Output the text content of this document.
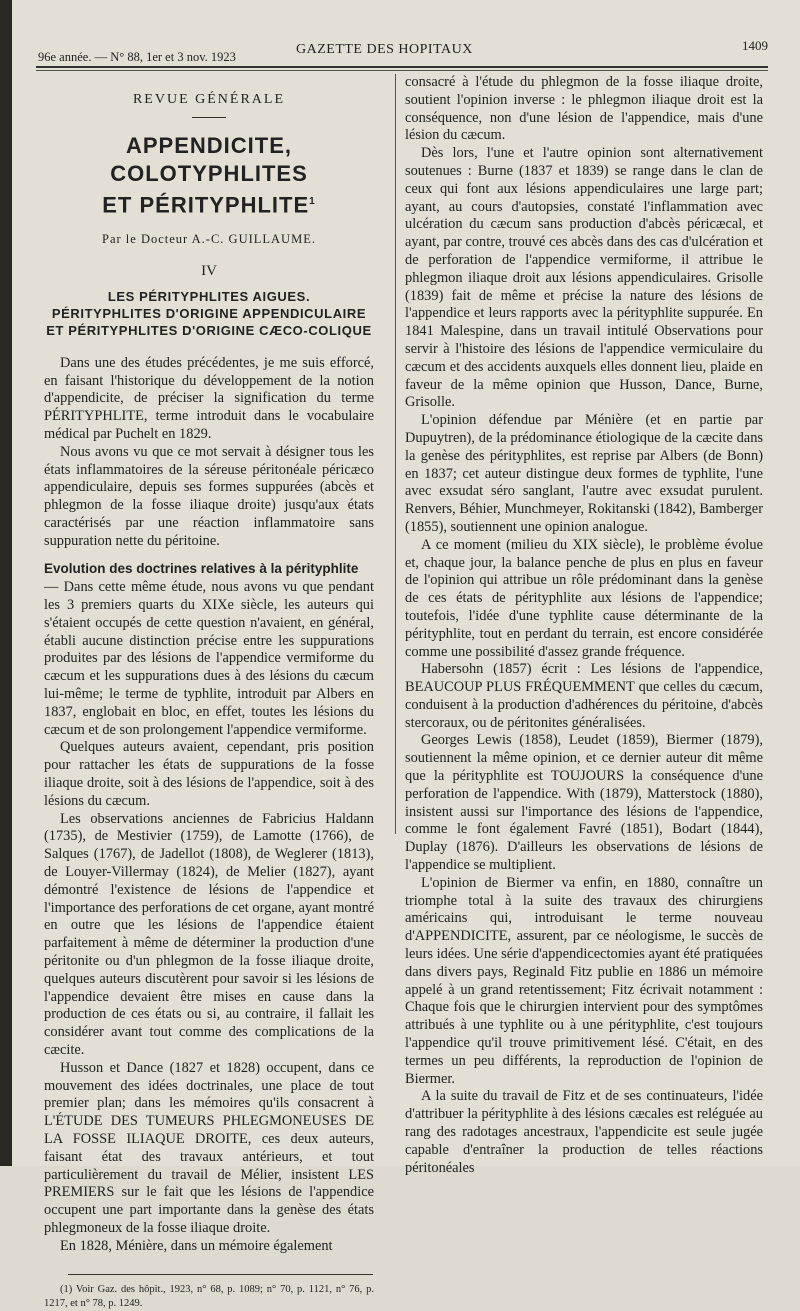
96e année. — N° 88, 1er et 3 nov. 1923	GAZETTE DES HOPITAUX	1409
REVUE GÉNÉRALE
APPENDICITE, COLOTYPHLITES
ET PÉRITYPHLITE$^1$
Par le Docteur A.-C. GUILLAUME.
IV
LES PÉRITYPHLITES AIGUES.
PÉRITYPHLITES D'ORIGINE APPENDICULAIRE
ET PÉRITYPHLITES D'ORIGINE CÆCO-COLIQUE

Dans une des études précédentes, je me suis efforcé, en faisant l'historique du développement de la notion d'appendicite, de préciser la signification du terme PÉRITYPHLITE, terme introduit dans le vocabulaire médical par Puchelt en 1829.

Nous avons vu que ce mot servait à désigner tous les états inflammatoires de la séreuse péritonéale péricæco appendiculaire, depuis ses formes suppurées (abcès et phlegmon de la fosse iliaque droite) jusqu'aux états caractérisés par une réaction inflammatoire sans suppuration nette du péritoine.

Evolution des doctrines relatives à la pérityphlite

— Dans cette même étude, nous avons vu que pendant les 3 premiers quarts du XIXe siècle, les auteurs qui s'étaient occupés de cette question n'avaient, en général, établi aucune distinction précise entre les suppurations produites par des lésions de l'appendice vermiforme du cæcum et les suppurations dues à des lésions du cæcum lui-même; le terme de typhlite, introduit par Albers en 1837, englobait en bloc, en effet, toutes les lésions du cæcum et de son prolongement l'appendice vermiforme.

Quelques auteurs avaient, cependant, pris position pour rattacher les états de suppurations de la fosse iliaque droite, soit à des lésions de l'appendice, soit à des lésions du cæcum.

Les observations anciennes de Fabricius Haldann (1735), de Mestivier (1759), de Lamotte (1766), de Salques (1767), de Jadellot (1808), de Weglerer (1813), de Louyer-Villermay (1824), de Melier (1827), ayant démontré l'existence de lésions de l'appendice et l'importance des perforations de cet organe, ayant montré en outre que les lésions de l'appendice étaient parfaitement à même de déterminer la production d'une péritonite ou d'un phlegmon de la fosse iliaque droite, quelques auteurs discutèrent pour savoir si les lésions de l'appendice devaient être mises en cause dans la production de ces états ou si, au contraire, il fallait les considérer avant tout comme des complications de la cæcite.

Husson et Dance (1827 et 1828) occupent, dans ce mouvement des idées doctrinales, une place de tout premier plan; dans les mémoires qu'ils consacrent à L'ÉTUDE DES TUMEURS PHLEGMONEUSES DE LA FOSSE ILIAQUE DROITE, ces deux auteurs, faisant état des travaux antérieurs, et tout particulièrement du travail de Mélier, insistent LES PREMIERS sur le fait que les lésions de l'appendice occupent une part importante dans la genèse des états phlegmoneux de la fosse iliaque droite.

En 1828, Ménière, dans un mémoire également

(1) Voir Gaz. des hôpit., 1923, n° 68, p. 1089; n° 70, p. 1121, n° 76, p. 1217, et n° 78, p. 1249.

consacré à l'étude du phlegmon de la fosse iliaque droite, soutient l'opinion inverse : le phlegmon iliaque droit est la conséquence, non d'une lésion de l'appendice, mais d'une lésion du cæcum.

Dès lors, l'une et l'autre opinion sont alternativement soutenues : Burne (1837 et 1839) se range dans le clan de ceux qui font aux lésions appendiculaires une large part; ayant, au cours d'autopsies, constaté l'inflammation avec ulcération du cæcum sans production d'abcès péricæcal, et ayant, par contre, trouvé ces abcès dans des cas d'ulcération et de perforation de l'appendice vermiforme, il attribue le phlegmon iliaque droit aux lésions appendiculaires. Grisolle (1839) fait de même et précise la nature des lésions de l'appendice et leurs rapports avec la pérityphlite suppurée. En 1841 Malespine, dans un travail intitulé Observations pour servir à l'histoire des lésions de l'appendice vermiculaire du cæcum et des accidents auxquels elles donnent lieu, plaide en faveur de la même opinion que Husson, Dance, Burne, Grisolle.

L'opinion défendue par Ménière (et en partie par Dupuytren), de la prédominance étiologique de la cæcite dans la genèse des pérityphlites, est reprise par Albers (de Bonn) en 1837; cet auteur distingue deux formes de typhlite, l'une avec exsudat séro sanglant, l'autre avec exsudat purulent. Renvers, Béhier, Munchmeyer, Rokitanski (1842), Bamberger (1855), soutiennent une opinion analogue.

A ce moment (milieu du XIX siècle), le problème évolue et, chaque jour, la balance penche de plus en plus en faveur de l'opinion qui attribue un rôle prédominant dans la genèse de ces états de pérityphlite aux lésions de l'appendice; toutefois, l'idée d'une typhlite cause déterminante de la pérityphlite, tout en perdant du terrain, est encore considérée comme une possibilité d'assez grande fréquence.

Habersohn (1857) écrit : Les lésions de l'appendice, BEAUCOUP PLUS FRÉQUEMMENT que celles du cæcum, conduisent à la production d'adhérences du péritoine, d'abcès stercoraux, ou de péritonites généralisées.

Georges Lewis (1858), Leudet (1859), Biermer (1879), soutiennent la même opinion, et ce dernier auteur dit même que la pérityphlite est TOUJOURS la conséquence d'une perforation de l'appendice. With (1879), Matterstock (1880), insistent aussi sur l'importance des lésions de l'appendice, comme le font également Favré (1851), Bodart (1844), Duplay (1876). D'ailleurs les observations de lésions de l'appendice se multiplient.

L'opinion de Biermer va enfin, en 1880, connaître un triomphe total à la suite des travaux des chirurgiens américains qui, introduisant le terme nouveau d'APPENDICITE, assurent, par ce néologisme, le succès de leurs idées. Une série d'appendicectomies ayant été pratiquées dans divers pays, Reginald Fitz publie en 1886 un mémoire appelé à un grand retentissement; Fitz écrivait notamment : Chaque fois que le chirurgien intervient pour des symptômes attribués à une typhlite ou à une pérityphlite, c'est toujours l'appendice qu'il trouve primitivement lésé. C'était, en des termes un peu différents, la reproduction de l'opinion de Biermer.

A la suite du travail de Fitz et de ses continuateurs, l'idée d'attribuer la pérityphlite à des lésions cæcales est reléguée au rang des radotages ancestraux, l'appendicite est seule jugée capable d'entraîner la production de telles réactions péritonéales
